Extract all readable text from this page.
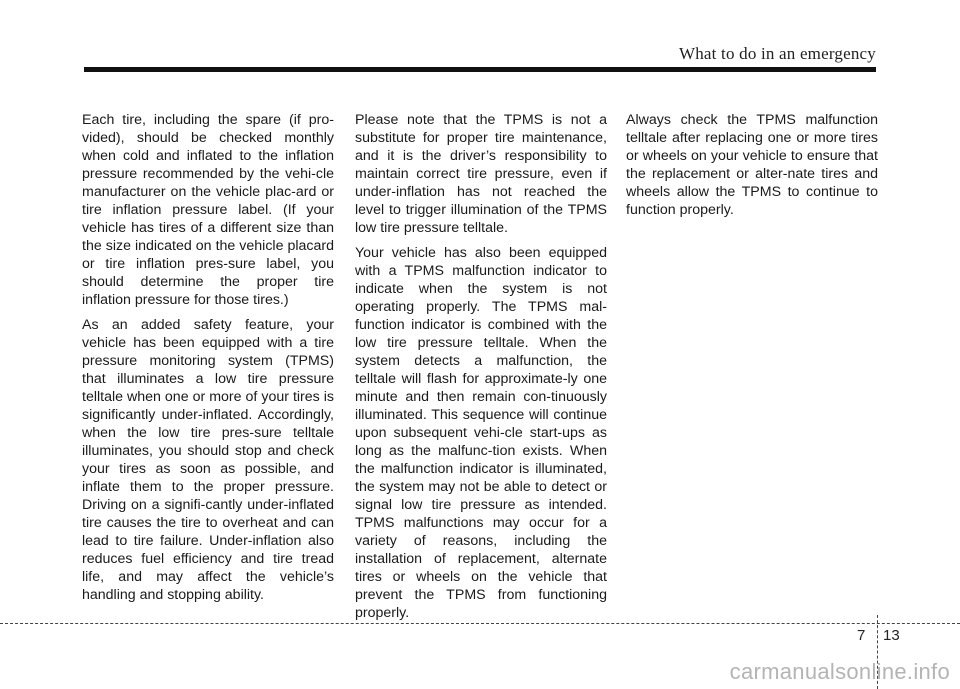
What to do in an emergency

Each tire, including the spare (if pro-vided), should be checked monthly when cold and inflated to the inflation pressure recommended by the vehi-cle manufacturer on the vehicle plac-ard or tire inflation pressure label. (If your vehicle has tires of a different size than the size indicated on the vehicle placard or tire inflation pres-sure label, you should determine the proper tire inflation pressure for those tires.)

As an added safety feature, your vehicle has been equipped with a tire pressure monitoring system (TPMS) that illuminates a low tire pressure telltale when one or more of your tires is significantly under-inflated. Accordingly, when the low tire pres-sure telltale illuminates, you should stop and check your tires as soon as possible, and inflate them to the proper pressure. Driving on a signifi-cantly under-inflated tire causes the tire to overheat and can lead to tire failure. Under-inflation also reduces fuel efficiency and tire tread life, and may affect the vehicle’s handling and stopping ability.

Please note that the TPMS is not a substitute for proper tire maintenance, and it is the driver’s responsibility to maintain correct tire pressure, even if under-inflation has not reached the level to trigger illumination of the TPMS low tire pressure telltale.

Your vehicle has also been equipped with a TPMS malfunction indicator to indicate when the system is not operating properly. The TPMS mal-function indicator is combined with the low tire pressure telltale. When the system detects a malfunction, the telltale will flash for approximate-ly one minute and then remain con-tinuously illuminated. This sequence will continue upon subsequent vehi-cle start-ups as long as the malfunc-tion exists. When the malfunction indicator is illuminated, the system may not be able to detect or signal low tire pressure as intended. TPMS malfunctions may occur for a variety of reasons, including the installation of replacement, alternate tires or wheels on the vehicle that prevent the TPMS from functioning properly.

Always check the TPMS malfunction telltale after replacing one or more tires or wheels on your vehicle to ensure that the replacement or alter-nate tires and wheels allow the TPMS to continue to function properly.

7 13
carmanualsonline.info
